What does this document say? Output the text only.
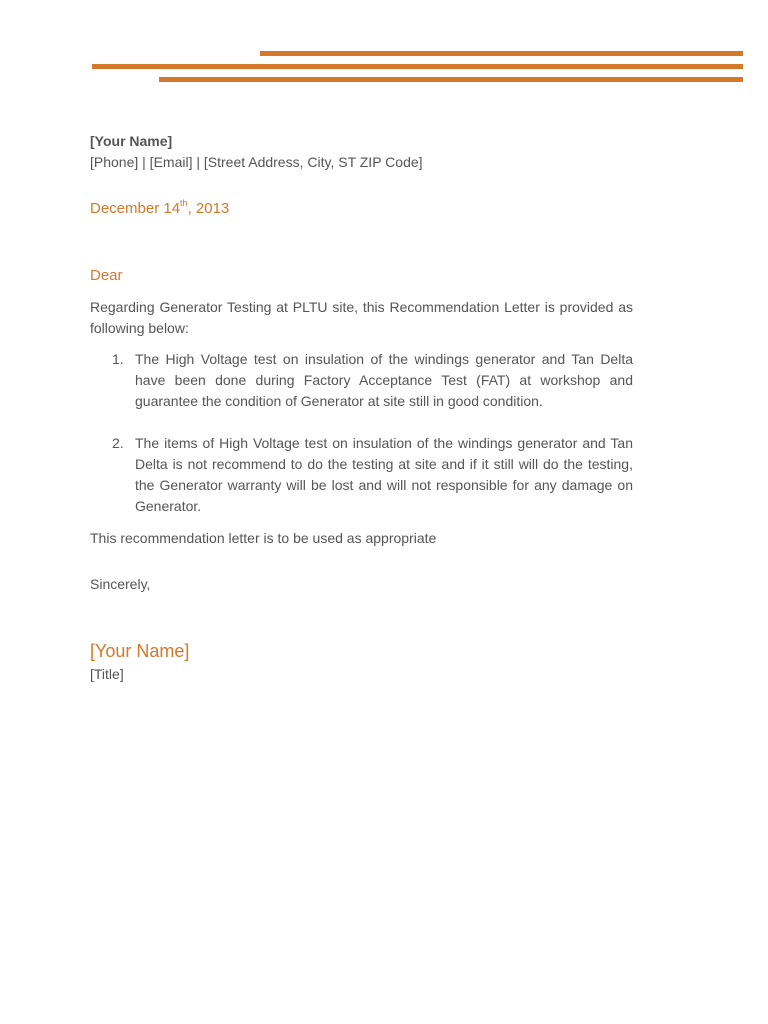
[Your Name]
[Phone] | [Email] | [Street Address, City, ST ZIP Code]
December 14th, 2013
Dear
Regarding Generator Testing at PLTU site, this Recommendation Letter is provided as following below:
1. The High Voltage test on insulation of the windings generator and Tan Delta have been done during Factory Acceptance Test (FAT) at workshop and guarantee the condition of Generator at site still in good condition.
2. The items of High Voltage test on insulation of the windings generator and Tan Delta is not recommend to do the testing at site and if it still will do the testing, the Generator warranty will be lost and will not responsible for any damage on Generator.
This recommendation letter is to be used as appropriate
Sincerely,
[Your Name]
[Title]
